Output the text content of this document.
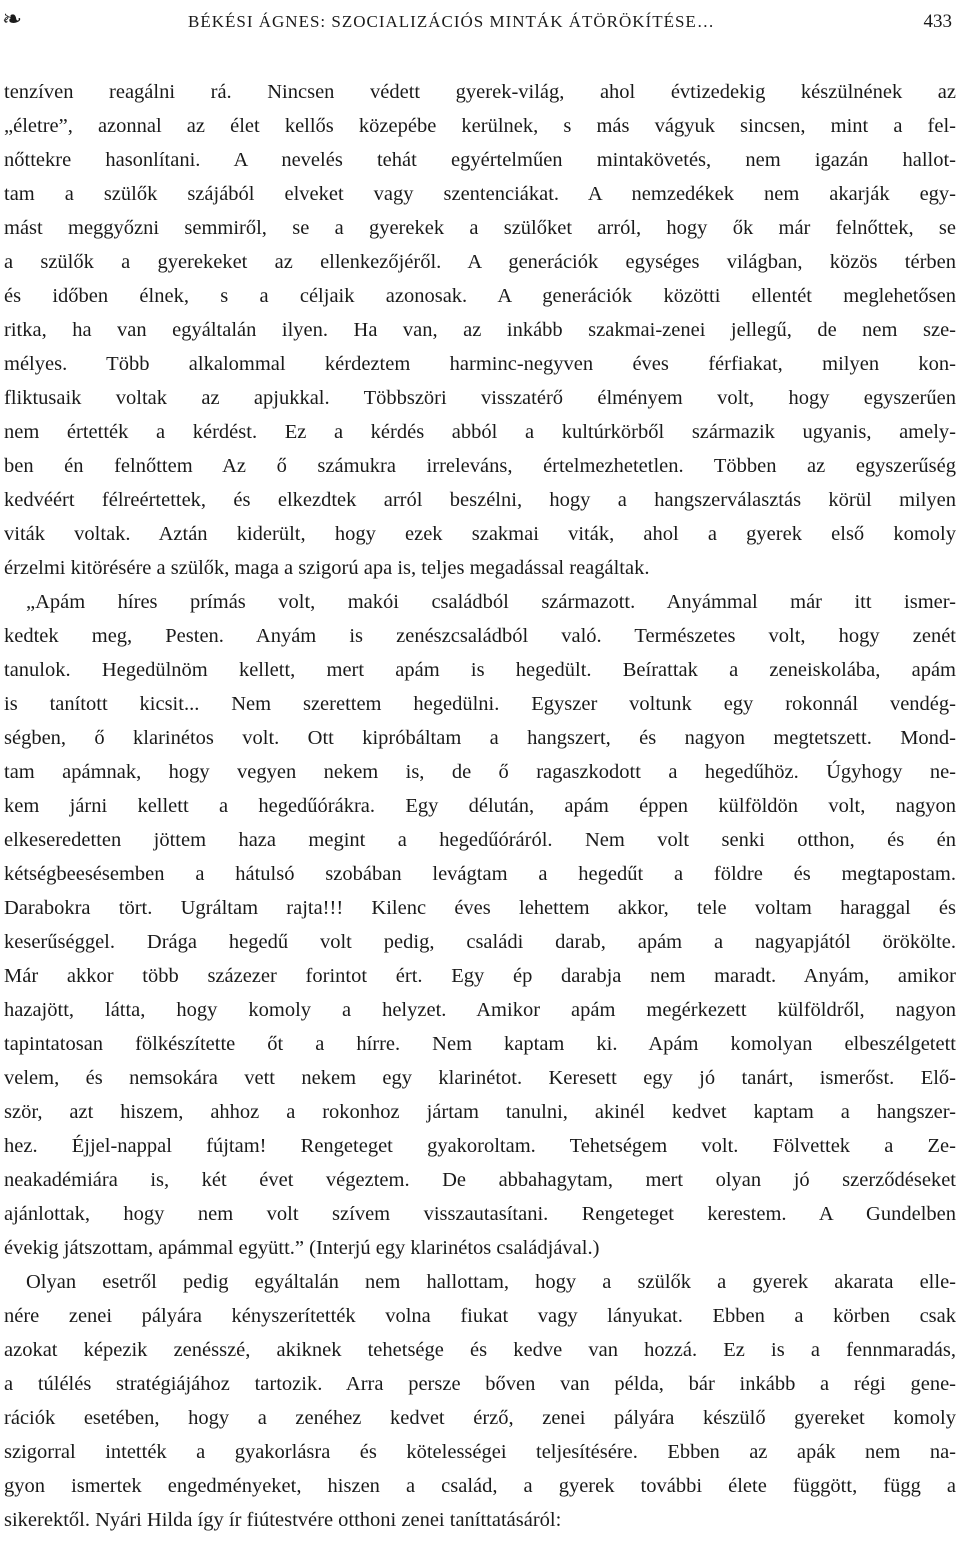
❧	BÉKÉSI ÁGNES: SZOCIALIZÁCIÓS MINTÁK ÁTÖRÖKÍTÉSE…	433
tenzíven reagálni rá. Nincsen védett gyerek-világ, ahol évtizedekig készülnének az
„életre”, azonnal az élet kellős közepébe kerülnek, s más vágyuk sincsen, mint a fel-
nőttekre hasonlítani. A nevelés tehát egyértelműen mintakövetés, nem igazán hallot-
tam a szülők szájából elveket vagy szentenciákat. A nemzedékek nem akarják egy-
mást meggyőzni semmiről, se a gyerekek a szülőket arról, hogy ők már felnőttek, se
a szülők a gyerekeket az ellenkezőjéről. A generációk egységes világban, közös térben
és időben élnek, s a céljaik azonosak. A generációk közötti ellentét meglehetősen
ritka, ha van egyáltalán ilyen. Ha van, az inkább szakmai-zenei jellegű, de nem sze-
mélyes. Több alkalommal kérdeztem harminc-negyven éves férfiakat, milyen kon-
fliktusaik voltak az apjukkal. Többszöri visszatérő élményem volt, hogy egyszerűen
nem értették a kérdést. Ez a kérdés abból a kultúrkörből származik ugyanis, amely-
ben én felnőttem Az ő számukra irreleváns, értelmezhetetlen. Többen az egyszerűség
kedvéért félreértettek, és elkezdtek arról beszélni, hogy a hangszerválasztás körül milyen
viták voltak. Aztán kiderült, hogy ezek szakmai viták, ahol a gyerek első komoly
érzelmi kitörésére a szülők, maga a szigorú apa is, teljes megadással reagáltak.
„Apám híres prímás volt, makói családból származott. Anyámmal már itt ismer-
kedtek meg, Pesten. Anyám is zenészcsaládból való. Természetes volt, hogy zenét
tanulok. Hegedülnöm kellett, mert apám is hegedült. Beírattak a zeneiskolába, apám
is tanított kicsit... Nem szerettem hegedülni. Egyszer voltunk egy rokonnál vendég-
ségben, ő klarinétos volt. Ott kipróbáltam a hangszert, és nagyon megtetszett. Mond-
tam apámnak, hogy vegyen nekem is, de ő ragaszkodott a hegedűhöz. Úgyhogy ne-
kem járni kellett a hegedűórákra. Egy délután, apám éppen külföldön volt, nagyon
elkeseredetten jöttem haza megint a hegedűóráról. Nem volt senki otthon, és én
kétségbeesésemben a hátulsó szobában levágtam a hegedűt a földre és megtapostam.
Darabokra tört. Ugráltam rajta!!! Kilenc éves lehettem akkor, tele voltam haraggal és
keserűséggel. Drága hegedű volt pedig, családi darab, apám a nagyapjától örökölte.
Már akkor több százezer forintot ért. Egy ép darabja nem maradt. Anyám, amikor
hazajött, látta, hogy komoly a helyzet. Amikor apám megérkezett külföldről, nagyon
tapintatosan fölkészítette őt a hírre. Nem kaptam ki. Apám komolyan elbeszélgetett
velem, és nemsokára vett nekem egy klarinétot. Keresett egy jó tanárt, ismerőst. Elő-
ször, azt hiszem, ahhoz a rokonhoz jártam tanulni, akinél kedvet kaptam a hangszer-
hez. Éjjel-nappal fújtam! Rengeteget gyakoroltam. Tehetségem volt. Fölvettek a Ze-
neakadémiára is, két évet végeztem. De abbahagytam, mert olyan jó szerződéseket
ajánlottak, hogy nem volt szívem visszautasítani. Rengeteget kerestem. A Gundelben
évekig játszottam, apámmal együtt.” (Interjú egy klarinétos családjával.)
Olyan esetről pedig egyáltalán nem hallottam, hogy a szülők a gyerek akarata elle-
nére zenei pályára kényszerítették volna fiukat vagy lányukat. Ebben a körben csak
azokat képezik zenésszé, akiknek tehetsége és kedve van hozzá. Ez is a fennmaradás,
a túlélés stratégiájához tartozik. Arra persze bőven van példa, bár inkább a régi gene-
rációk esetében, hogy a zenéhez kedvet érző, zenei pályára készülő gyereket komoly
szigorral intették a gyakorlásra és kötelességei teljesítésére. Ebben az apák nem na-
gyon ismertek engedményeket, hiszen a család, a gyerek további élete függött, függ a
sikerektől. Nyári Hilda így ír fiútestvére otthoni zenei taníttatásáról:
